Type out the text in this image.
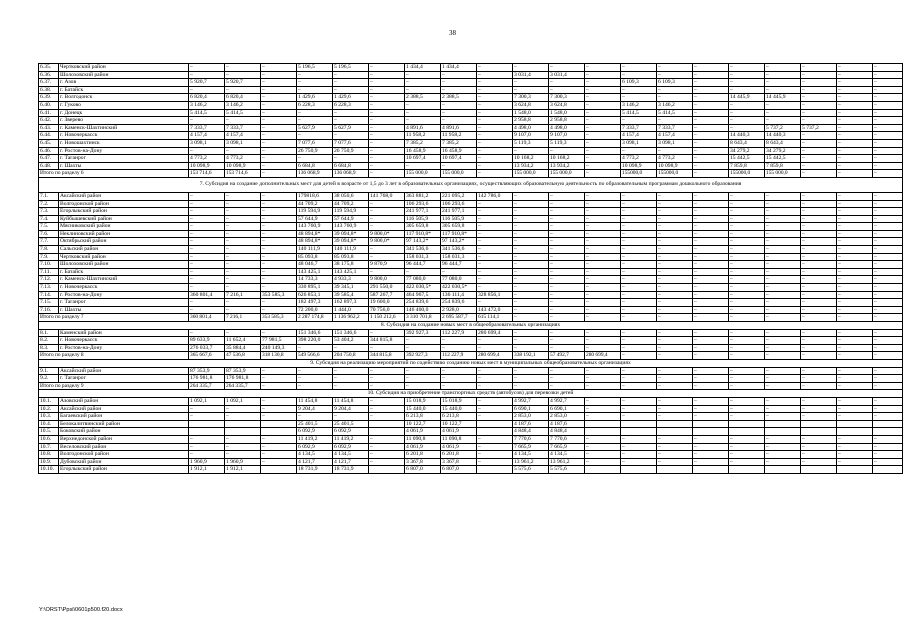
38
6.35.	Чертковский район	–	–	–	5 196,5	5 196,5	–	1 434,4	1 434,4	–	–	–	–	–	–	–	–	–	–	–	–
6.36.	Шолоховский район	–	–	–	–	–	–	–	–	–	3 031,4	3 031,4	–	–	–	–	–	–	–	–	–
6.37.	г. Азов	5 920,7	5 920,7	–	–	–	–	–	–	–	–	–	–	6 109,3	6 109,3	–	–	–	–	–	–
6.38.	г. Батайск	–	–	–	–	–	–	–	–	–	–	–	–	–	–	–	–	–	–	–	–
6.39.	г. Волгодонск	6 820,4	6 820,4	–	1 429,6	1 429,6	–	2 388,5	2 388,5	–	7 300,3	7 300,3	–	–	–	–	14 445,9	14 445,9	–	–	–
6.40.	г. Гуково	3 146,2	3 146,2	–	6 228,3	6 228,3	–	–	–	–	3 624,8	3 624,8	–	3 146,2	3 146,2	–	–	–	–	–	–
6.41.	г. Донецк	5 414,5	5 414,5	–	–	–	–	–	–	–	1 548,0	1 548,0	–	5 414,5	5 414,5	–	–	–	–	–	–
6.42.	г. Зверево	–	–	–	–	–	–	–	–	–	2 958,8	2 958,8	–	–	–	–	–	–	–	–	–
6.43.	г. Каменск-Шахтинский	7 333,7	7 333,7	–	5 627,9	5 627,9	–	4 891,6	4 891,6	–	4 498,0	4 498,0	–	7 333,7	7 333,7	–	–	5 737,2	5 737,2	–	–
6.44.	г. Новочеркасск	4 157,4	4 157,4	–	–	–	–	11 958,2	11 958,2	–	9 107,0	9 107,0	–	4 157,4	4 157,4	–	14 440,3	14 440,3	–	–	–
6.45.	г. Новошахтинск	3 098,1	3 098,1	–	7 077,6	7 077,6	–	7 385,2	7 385,2	–	5 119,3	5 119,3	–	3 098,1	3 098,1	–	8 643,4	8 643,4	–	–	–
6.46.	г. Ростов-на-Дону	–	–	–	26 750,9	26 750,9	–	16 458,9	16 458,9	–	–	–	–	–	–	–	34 279,2	34 279,2	–	–	–
6.47.	г. Таганрог	4 773,2	4 773,2	–	–	–	–	10 697,4	10 697,4	–	10 168,2	10 168,2	–	4 773,2	4 773,2	–	15 442,5	15 442,5	–	–	–
6.48.	г. Шахты	10 098,9	10 098,9	–	6 684,8	6 684,8	–	–	–	–	13 934,2	13 934,2	–	10 098,9	10 098,9	–	7 859,8	7 859,8	–	–	–
Итого по разделу 6		153 714,6	153 714,6	–	136 068,9	136 068,9	–	155 000,0	155 000,0	–	155 000,0	155 000,0	–	155000,0	155000,0	–	155000,0	155 000,0	–	–	–
7. Субсидия на создание дополнительных мест для детей в возрасте от 1,5 до 3 лет в образовательных организациях, осуществляющих образовательную деятельность по образовательным программам дошкольного образования																					
7.1.	Аксайский район	–	–	–	179818,6	38 050,6	141 768,0	363 881,2	221 095,2	142 786,0	–	–	–	–	–	–	–	–	–	–	–
7.2.	Волгодонской район	–	–	–	44 709,2	44 709,2	–	106 293,6	106 293,6	–	–	–	–	–	–	–	–	–	–	–	–
7.3.	Егорлыкский район	–	–	–	119 594,9	119 594,9	–	241 977,1	241 977,1	–	–	–	–	–	–	–	–	–	–	–	–
7.4.	Куйбышевский район	–	–	–	57 644,9	57 644,9	–	116 505,9	116 505,9	–	–	–	–	–	–	–	–	–	–	–	–
7.5.	Мясниковский район	–	–	–	143 760,9	143 760,9	–	305 659,8	305 659,8	–	–	–	–	–	–	–	–	–	–	–	–
7.6.	Неклиновский район	–	–	–	48 894,8*	39 094,8*	9 800,0*	117 910,8*	117 910,8*	–	–	–	–	–	–	–	–	–	–	–	–
7.7.	Октябрьский район	–	–	–	48 894,8*	39 094,8*	9 800,0*	97 143,2*	97 143,2*	–	–	–	–	–	–	–	–	–	–	–	–
7.8.	Сальский район	–	–	–	140 111,9	140 111,9	–	341 536,6	341 536,6	–	–	–	–	–	–	–	–	–	–	–	–
7.9.	Чертковский район	–	–	–	85 093,8	85 093,8	–	158 031,3	158 031,3	–	–	–	–	–	–	–	–	–	–	–	–
7.10.	Шолоховский район	–	–	–	48 046,7	38 175,8	9 870,9	96 444,7	96 444,7	–	–	–	–	–	–	–	–	–	–	–	–
7.11.	г. Батайск	–	–	–	143 425,1	143 425,1	–	–	–	–	–	–	–	–	–	–	–	–	–	–	–
7.12.	г. Каменск-Шахтинский	–	–	–	14 733,3	4 933,3	9 800,0	77 080,0	77 080,0	–	–	–	–	–	–	–	–	–	–	–	–
7.13.	г. Новочеркасск	–	–	–	330 895,1	39 345,1	291 550,0	422 030,5*	422 030,5*	–	–	–	–	–	–	–	–	–	–	–	–
7.14.	г. Ростов-на-Дону	360 801,4	7 216,1	353 585,3	626 853,1	39 585,4	587 267,7	464 967,5	136 111,4	328 856,1	–	–	–	–	–	–	–	–	–	–	–
7.15.	г. Таганрог	–	–	–	182 497,3	162 897,3	19 600,0	254 839,6	254 839,6	–	–	–	–	–	–	–	–	–	–	–	–
7.16.	г. Шахты	–	–	–	72 200,0	1 444,0	70 756,0	146 400,0	2 928,0	143 472,0	–	–	–	–	–	–	–	–	–	–	–
Итого по разделу 7		360 801,4	7 216,1	353 585,3	2 287 174,8	1 136 962,2	1 150 212,6	3 310 701,8	2 695 587,7	615 114,1	–	–	–	–	–	–	–	–	–	–	–
8. Субсидия на создание новых мест в общеобразовательных организациях																					
8.1.	Каменский район	–	–	–	151 346,6	151 346,6	–	392 927,3	112 227,9	280 699,4	–	–	–	–	–	–	–	–	–	–	–
8.2.	г. Новочеркасск	89 633,9	11 652,4	77 981,5	398 220,0	53 404,2	344 815,8	–	–	–	–	–	–	–	–	–	–	–	–	–	–
8.3.	г. Ростов-на-Дону	276 033,7	35 884,4	240 149,3	–	–	–	–	–	–	–	–	–	–	–	–	–	–	–	–	–
Итого по разделу 8		365 667,6	47 536,8	318 130,8	549 566,6	204 750,8	344 815,8	392 927,3	112 227,9	280 699,4	338 192,1	57 492,7	280 699,4	–	–	–	–	–	–	–	–
9. Субсидия на реализацию мероприятий по содействию созданию новых мест в муниципальных общеобразовательных организациях																					
9.1.	Аксайский район	87 353,9	87 353,9	–	–	–	–	–	–	–	–	–	–	–	–	–	–	–	–	–	–
9.2.	г. Таганрог	176 981,8	176 981,8	–	–	–	–	–	–	–	–	–	–	–	–	–	–	–	–	–	–
Итого по разделу 9		264 335,7	264 335,7	–	–	–	–	–	–	–	–	–	–	–	–	–	–	–	–	–	–
10. Субсидия на приобретение транспортных средств (автобусов) для перевозки детей																					
10.1.	Азовский район	1 092,1	1 092,1	–	11 454,8	11 454,8	–	15 018,9	15 018,9	–	4 992,7	4 992,7	–	–	–	–	–	–	–	–	–
10.2.	Аксайский район	–	–	–	9 204,4	9 204,4	–	15 440,0	15 440,0	–	6 690,1	6 690,1	–	–	–	–	–	–	–	–	–
10.3.	Багаевский район	–	–	–	–	–	–	6 213,8	6 213,8	–	2 853,0	2 853,0	–	–	–	–	–	–	–	–	–
10.4.	Белокалитвинский район				25 401,5	25 401,5		10 122,7	10 122,7		4 187,6	4 187,6									
10.5.	Боковский район				6 092,9	6 092,9		4 061,9	4 061,9		4 848,4	4 848,4									
10.6.	Верхнедонской район	–	–	–	11 419,2	11 419,2	–	11 090,8	11 090,8	–	7 770,6	7 770,6	–	–	–	–	–	–	–	–	–
10.7.	Веселовский район	–	–	–	6 092,9	6 092,9	–	4 061,9	4 061,9	–	7 665,9	7 665,9	–	–	–	–	–	–	–	–	–
10.8.	Волгодонской район	–	–	–	4 134,5	4 134,5	–	6 201,8	6 201,8	–	4 134,5	4 134,5	–	–	–	–	–	–	–	–	–
10.9.	Дубовский район	1 960,9	1 960,9	–	4 121,7	4 121,7	–	3 367,8	3 367,8	–	13 961,2	13 961,2	–	–	–	–	–	–	–	–	–
10.10.	Егорлыкский район	1 912,1	1 912,1		18 731,9	18 731,9		6 807,0	6 807,0		5 575,6	5 575,6									
Y:\ORST\Ppsi\0601p500.f20.docx
